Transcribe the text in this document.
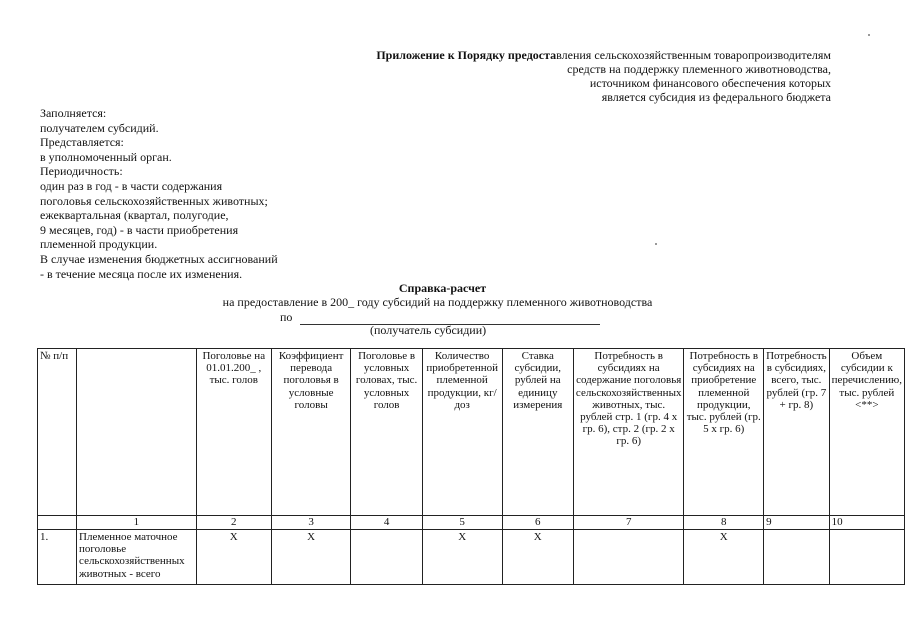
Приложение к Порядку предоставления сельскохозяйственным товаропроизводителям
средств на поддержку племенного животноводства,
источником финансового обеспечения которых
является субсидия из федерального бюджета
Заполняется:
получателем субсидий.
Представляется:
в уполномоченный орган.
Периодичность:
один раз в год - в части содержания
поголовья сельскохозяйственных животных;
ежеквартальная (квартал, полугодие,
9 месяцев, год) - в части приобретения
племенной продукции.
В случае изменения бюджетных ассигнований
- в течение месяца после их изменения.
Справка-расчет
на предоставление в 200_ году субсидий на поддержку племенного животноводства
по
(получатель субсидии)
№ п/п		Поголовье на 01.01.200_ , тыс. голов	Коэффициент перевода поголовья в условные головы	Поголовье в условных головах, тыс. условных голов	Количество приобретенной племенной продукции, кг/доз	Ставка субсидии, рублей на единицу измерения	Потребность в субсидиях на содержание поголовья сельскохозяйственных животных, тыс. рублей стр. 1 (гр. 4 х гр. 6), стр. 2 (гр. 2 х гр. 6)	Потребность в субсидиях на приобретение племенной продукции, тыс. рублей (гр. 5 х гр. 6)	Потребность в субсидиях, всего, тыс. рублей (гр. 7 + гр. 8)	Объем субсидии к перечислению, тыс. рублей <**>
	1	2	3	4	5	6	7	8	9	10
1.	Племенное маточное поголовье сельскохозяйственных животных - всего	X	X		X	X		X		
